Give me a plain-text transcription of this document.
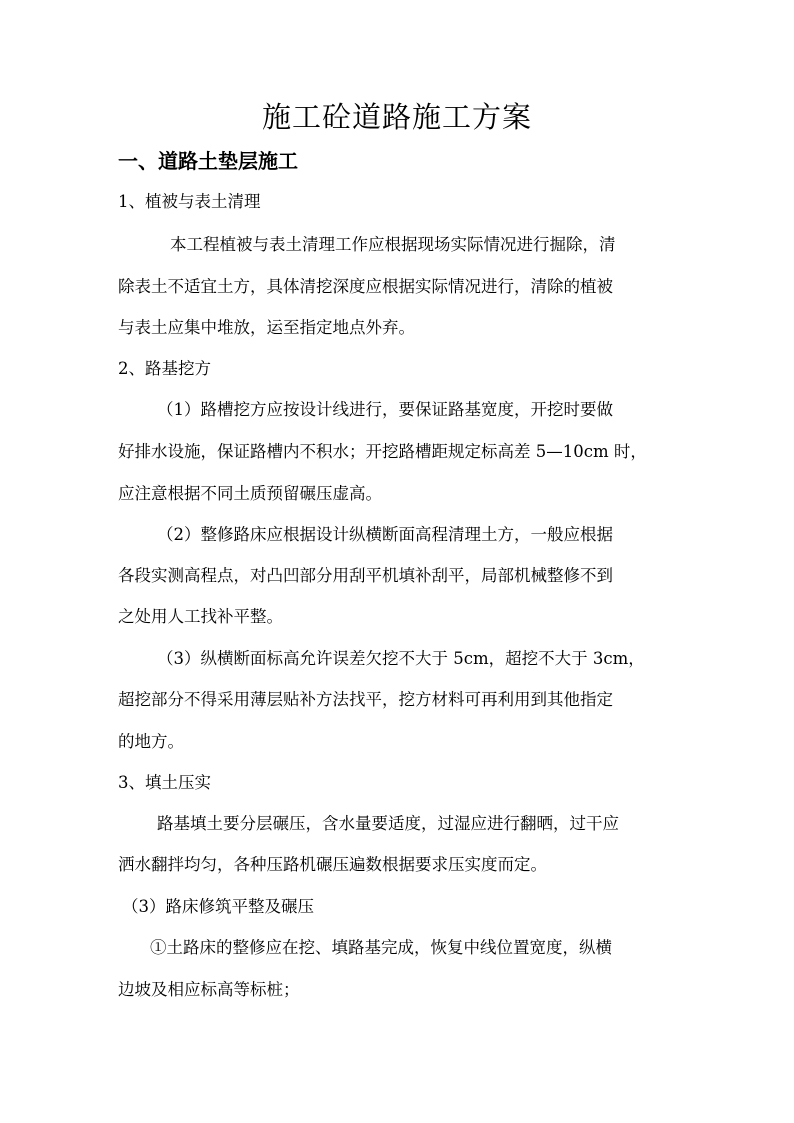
施工砼道路施工方案
一、道路土垫层施工

1、植被与表土清理

本工程植被与表土清理工作应根据现场实际情况进行掘除，清

除表土不适宜土方，具体清挖深度应根据实际情况进行，清除的植被

与表土应集中堆放，运至指定地点外弃。

2、路基挖方

（1）路槽挖方应按设计线进行，要保证路基宽度，开挖时要做

好排水设施，保证路槽内不积水；开挖路槽距规定标高差 5—10cm 时，

应注意根据不同土质预留碾压虚高。

（2）整修路床应根据设计纵横断面高程清理土方，一般应根据

各段实测高程点，对凸凹部分用刮平机填补刮平，局部机械整修不到

之处用人工找补平整。

（3）纵横断面标高允许误差欠挖不大于 5cm，超挖不大于 3cm，

超挖部分不得采用薄层贴补方法找平，挖方材料可再利用到其他指定

的地方。

3、填土压实

路基填土要分层碾压，含水量要适度，过湿应进行翻晒，过干应

洒水翻拌均匀，各种压路机碾压遍数根据要求压实度而定。

（3）路床修筑平整及碾压

①土路床的整修应在挖、填路基完成，恢复中线位置宽度，纵横

边坡及相应标高等标桩；
